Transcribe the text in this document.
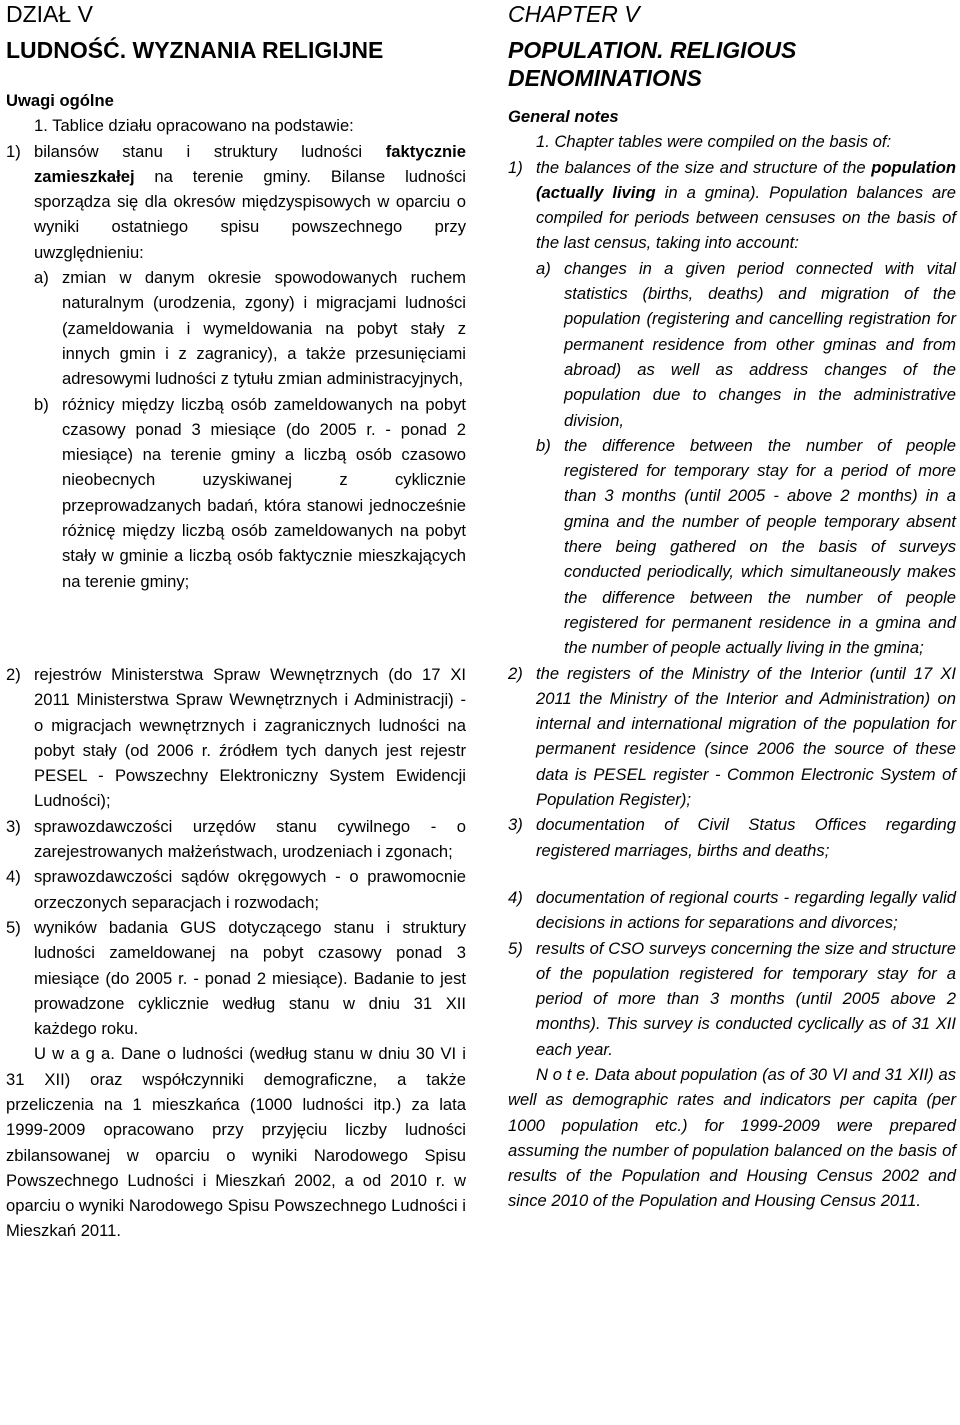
DZIAŁ V
LUDNOŚĆ. WYZNANIA RELIGIJNE

Uwagi ogólne

1. Tablice działu opracowano na podstawie:

1) bilansów stanu i struktury ludności faktycznie zamieszkałej na terenie gminy. Bilanse ludności sporządza się dla okresów międzyspisowych w oparciu o wyniki ostatniego spisu powszechnego przy uwzględnieniu:
a) zmian w danym okresie spowodowanych ruchem naturalnym (urodzenia, zgony) i migracjami ludności (zameldowania i wymeldowania na pobyt stały z innych gmin i z zagranicy), a także przesunięciami adresowymi ludności z tytułu zmian administracyjnych,
b) różnicy między liczbą osób zameldowanych na pobyt czasowy ponad 3 miesiące (do 2005 r. - ponad 2 miesiące) na terenie gminy a liczbą osób czasowo nieobecnych uzyskiwanej z cyklicznie przeprowadzanych badań, która stanowi jednocześnie różnicę między liczbą osób zameldowanych na pobyt stały w gminie a liczbą osób faktycznie mieszkających na terenie gminy;
2) rejestrów Ministerstwa Spraw Wewnętrznych (do 17 XI 2011 Ministerstwa Spraw Wewnętrznych i Administracji) - o migracjach wewnętrznych i zagranicznych ludności na pobyt stały (od 2006 r. źródłem tych danych jest rejestr PESEL - Powszechny Elektroniczny System Ewidencji Ludności);
3) sprawozdawczości urzędów stanu cywilnego - o zarejestrowanych małżeństwach, urodzeniach i zgonach;
4) sprawozdawczości sądów okręgowych - o prawomocnie orzeczonych separacjach i rozwodach;
5) wyników badania GUS dotyczącego stanu i struktury ludności zameldowanej na pobyt czasowy ponad 3 miesiące (do 2005 r. - ponad 2 miesiące). Badanie to jest prowadzone cyklicznie według stanu w dniu 31 XII każdego roku.

U w a g a. Dane o ludności (według stanu w dniu 30 VI i 31 XII) oraz współczynniki demograficzne, a także przeliczenia na 1 mieszkańca (1000 ludności itp.) za lata 1999-2009 opracowano przy przyjęciu liczby ludności zbilansowanej w oparciu o wyniki Narodowego Spisu Powszechnego Ludności i Mieszkań 2002, a od 2010 r. w oparciu o wyniki Narodowego Spisu Powszechnego Ludności i Mieszkań 2011.

CHAPTER V
POPULATION. RELIGIOUS DENOMINATIONS

General notes

1. Chapter tables were compiled on the basis of:

1) the balances of the size and structure of the population (actually living in a gmina). Population balances are compiled for periods between censuses on the basis of the last census, taking into account:
a) changes in a given period connected with vital statistics (births, deaths) and migration of the population (registering and cancelling registration for permanent residence from other gminas and from abroad) as well as address changes of the population due to changes in the administrative division,
b) the difference between the number of people registered for temporary stay for a period of more than 3 months (until 2005 - above 2 months) in a gmina and the number of people temporary absent there being gathered on the basis of surveys conducted periodically, which simultaneously makes the difference between the number of people registered for permanent residence in a gmina and the number of people actually living in the gmina;
2) the registers of the Ministry of the Interior (until 17 XI 2011 the Ministry of the Interior and Administration) on internal and international migration of the population for permanent residence (since 2006 the source of these data is PESEL register - Common Electronic System of Population Register);
3) documentation of Civil Status Offices regarding registered marriages, births and deaths;
4) documentation of regional courts - regarding legally valid decisions in actions for separations and divorces;
5) results of CSO surveys concerning the size and structure of the population registered for temporary stay for a period of more than 3 months (until 2005 above 2 months). This survey is conducted cyclically as of 31 XII each year.

N o t e. Data about population (as of 30 VI and 31 XII) as well as demographic rates and indicators per capita (per 1000 population etc.) for 1999-2009 were prepared assuming the number of population balanced on the basis of results of the Population and Housing Census 2002 and since 2010 of the Population and Housing Census 2011.
